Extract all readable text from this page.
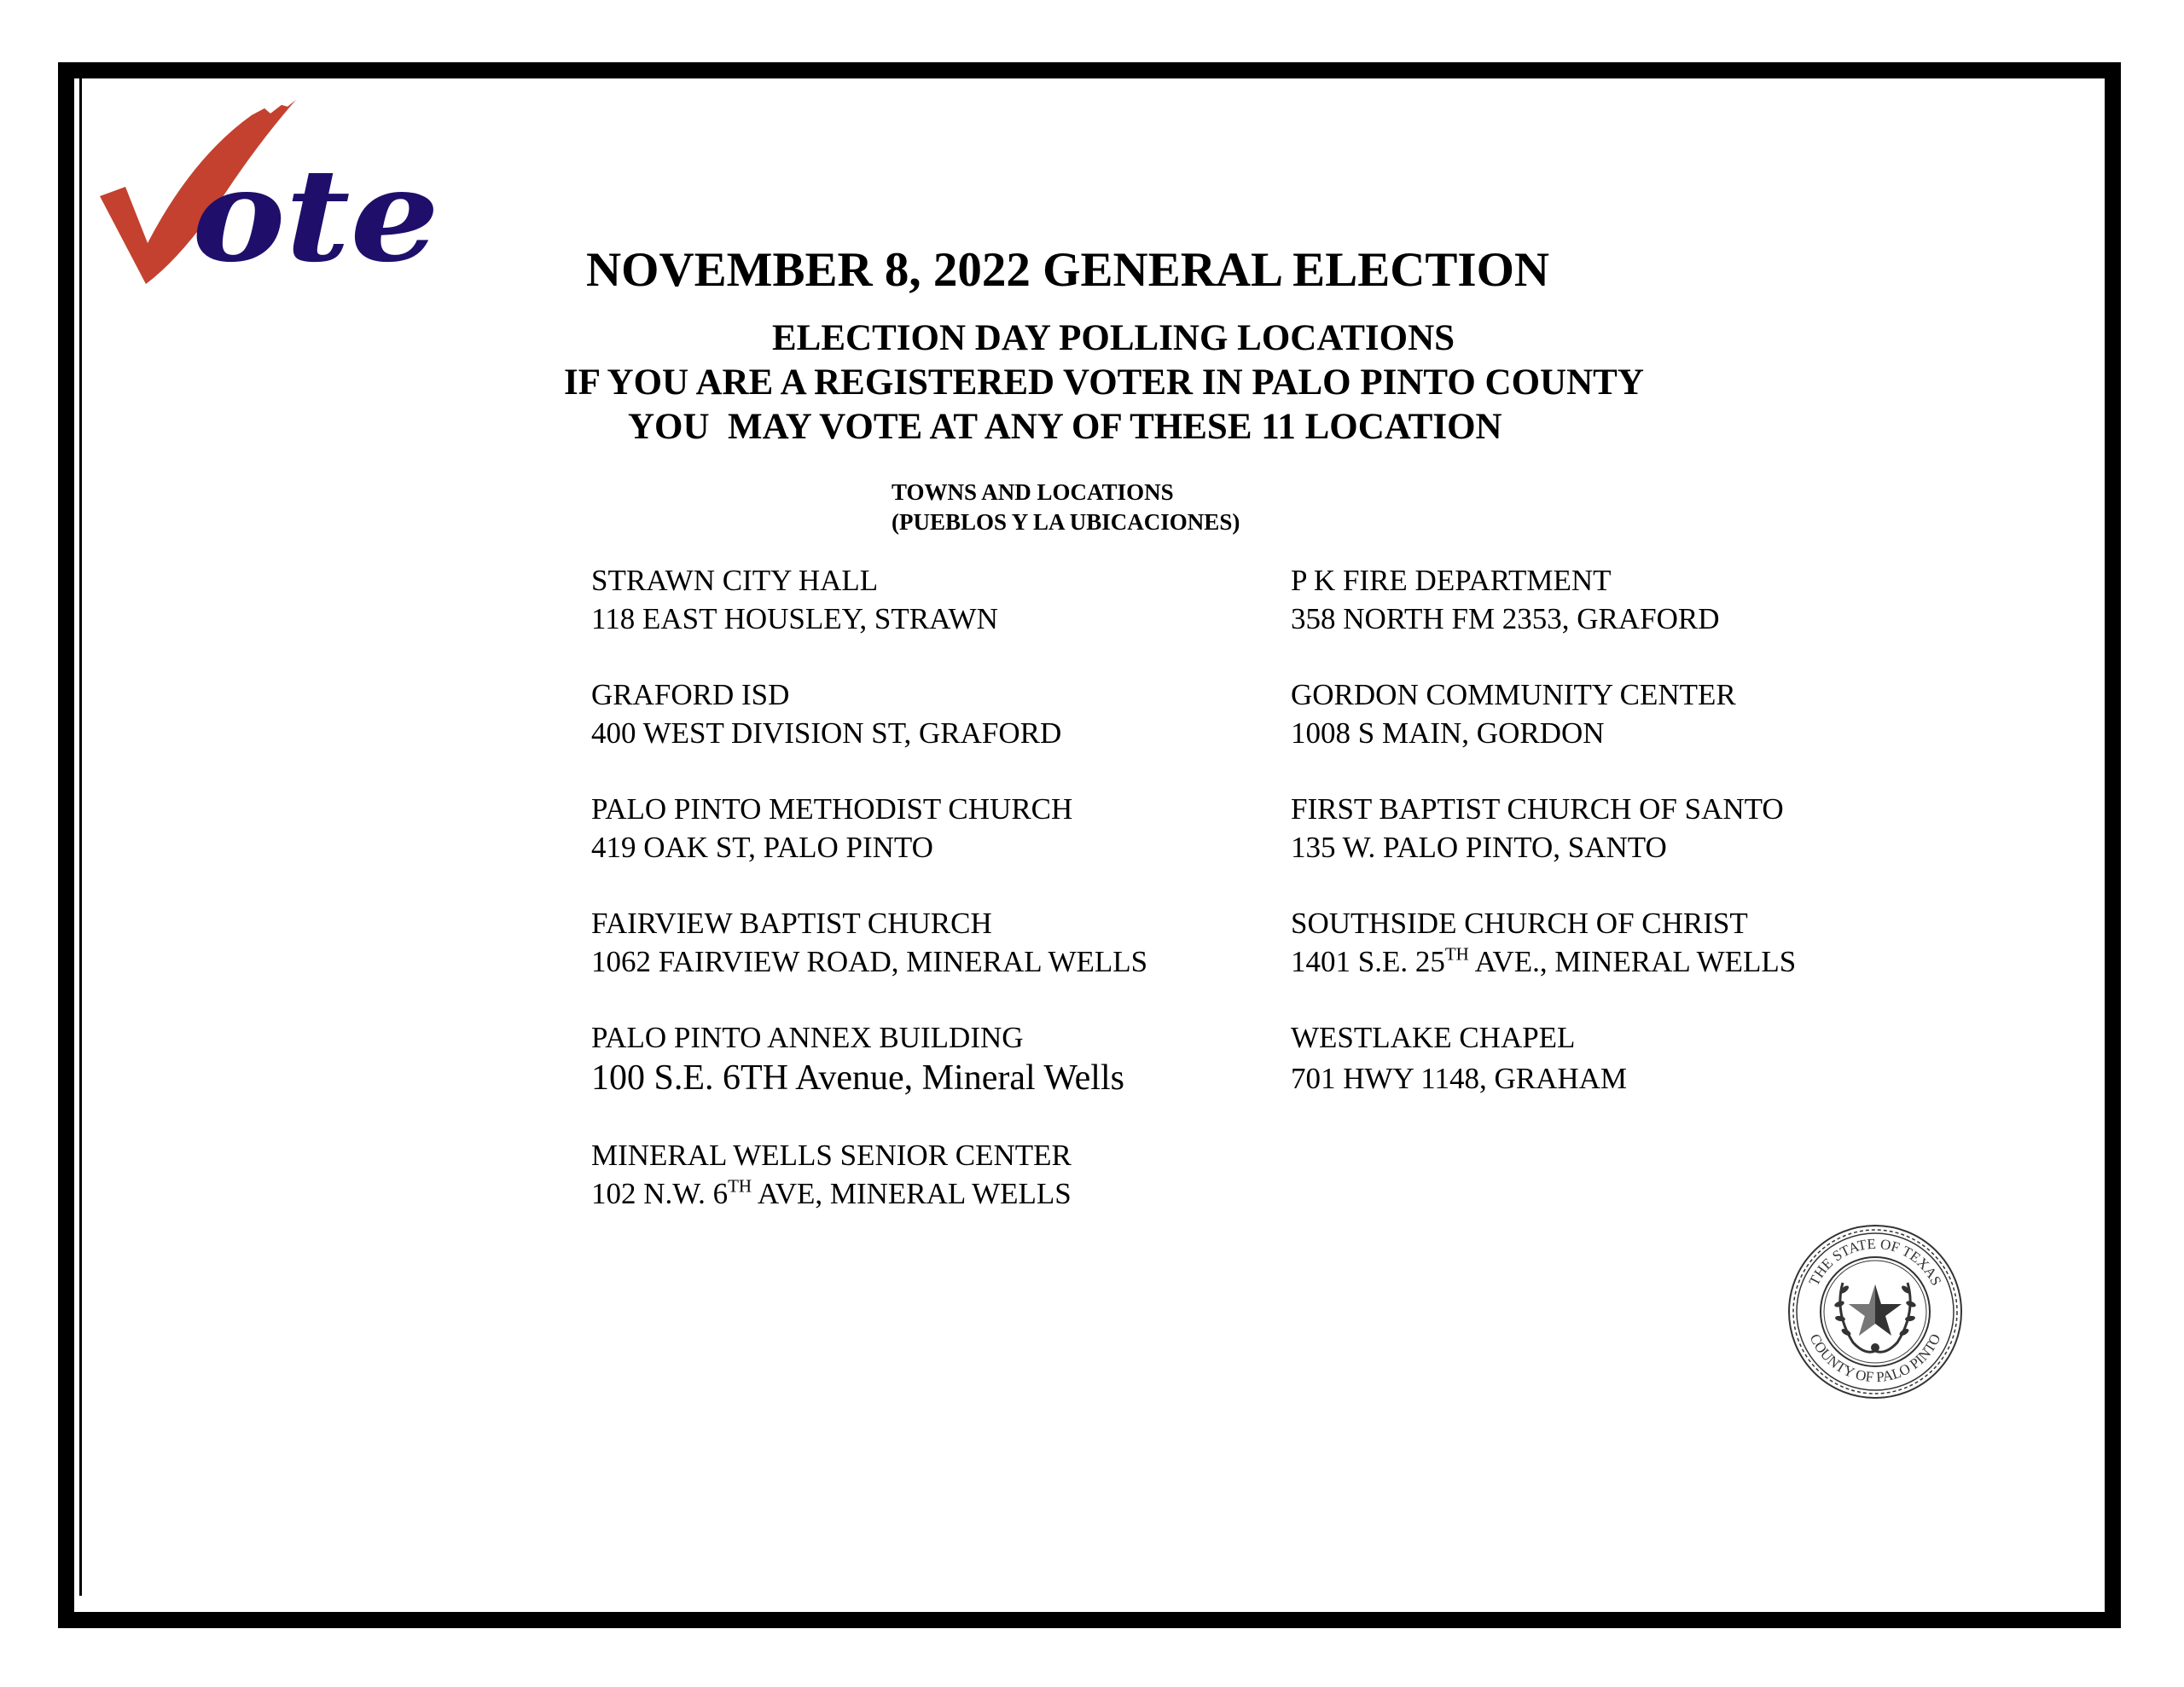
ote	NOVEMBER 8, 2022 GENERAL ELECTION
ELECTION DAY POLLING LOCATIONS
IF YOU ARE A REGISTERED VOTER IN PALO PINTO COUNTY
YOU  MAY VOTE AT ANY OF THESE 11 LOCATION
TOWNS AND LOCATIONS
(PUEBLOS Y LA UBICACIONES)
STRAWN CITY HALL
118 EAST HOUSLEY, STRAWN
GRAFORD ISD
400 WEST DIVISION ST, GRAFORD
PALO PINTO METHODIST CHURCH
419 OAK ST, PALO PINTO
FAIRVIEW BAPTIST CHURCH
1062 FAIRVIEW ROAD, MINERAL WELLS
PALO PINTO ANNEX BUILDING
100 S.E. 6TH Avenue, Mineral Wells
MINERAL WELLS SENIOR CENTER
102 N.W. 6TH AVE, MINERAL WELLS
P K FIRE DEPARTMENT
358 NORTH FM 2353, GRAFORD
GORDON COMMUNITY CENTER
1008 S MAIN, GORDON
FIRST BAPTIST CHURCH OF SANTO
135 W. PALO PINTO, SANTO
SOUTHSIDE CHURCH OF CHRIST
1401 S.E. 25TH AVE., MINERAL WELLS
WESTLAKE CHAPEL
701 HWY 1148, GRAHAM
THE STATE OF TEXAS
COUNTY OF PALO PINTO
